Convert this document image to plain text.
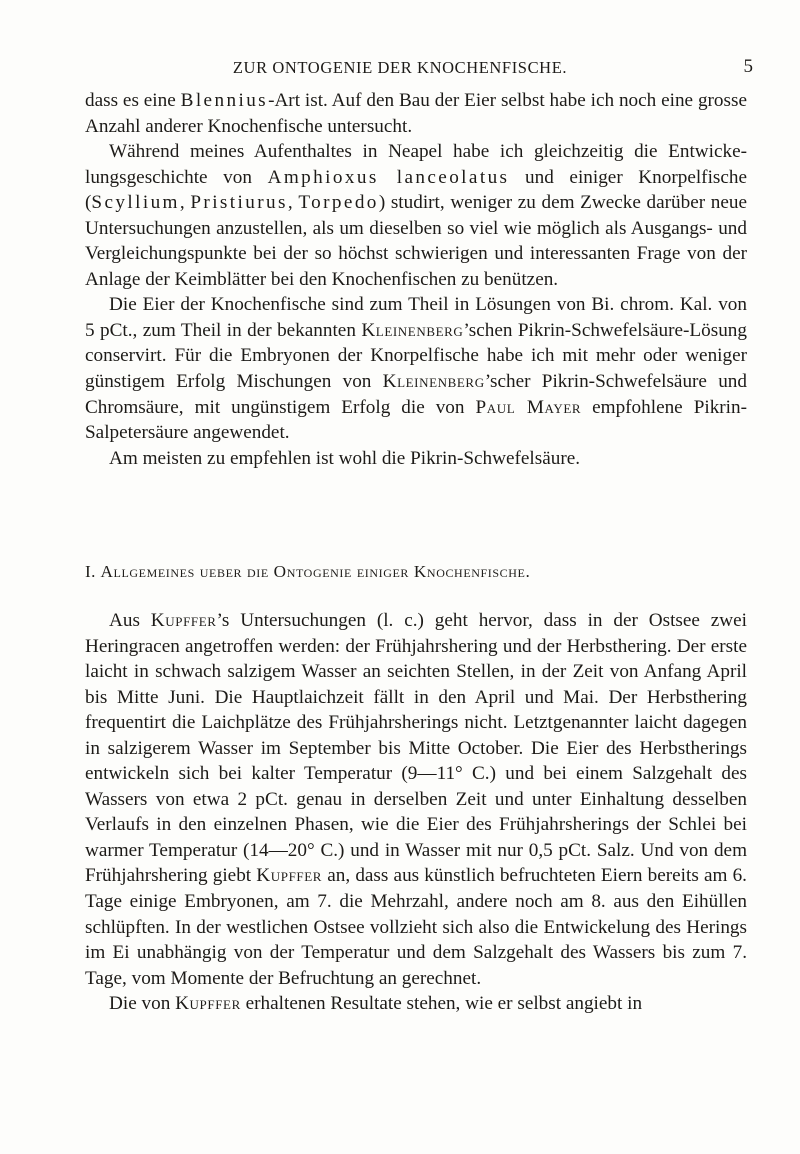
ZUR ONTOGENIE DER KNOCHENFISCHE.	5

dass es eine Blennius-Art ist. Auf den Bau der Eier selbst habe ich noch eine grosse Anzahl anderer Knochenfische untersucht.

Während meines Aufenthaltes in Neapel habe ich gleichzeitig die Entwickelungsgeschichte von Amphioxus lanceolatus und einiger Knorpelfische (Scyllium, Pristiurus, Torpedo) studirt, weniger zu dem Zwecke darüber neue Untersuchungen anzustellen, als um dieselben so viel wie möglich als Ausgangs- und Vergleichungspunkte bei der so höchst schwierigen und interessanten Frage von der Anlage der Keimblätter bei den Knochenfischen zu benützen.

Die Eier der Knochenfische sind zum Theil in Lösungen von Bi. chrom. Kal. von 5 pCt., zum Theil in der bekannten Kleinenberg’schen Pikrin-Schwefelsäure-Lösung conservirt. Für die Embryonen der Knorpelfische habe ich mit mehr oder weniger günstigem Erfolg Mischungen von Kleinenberg’scher Pikrin-Schwefelsäure und Chromsäure, mit ungünstigem Erfolg die von Paul Mayer empfohlene Pikrin-Salpetersäure angewendet.

Am meisten zu empfehlen ist wohl die Pikrin-Schwefelsäure.

I. Allgemeines ueber die Ontogenie einiger Knochenfische.

Aus Kupffer’s Untersuchungen (l. c.) geht hervor, dass in der Ostsee zwei Heringracen angetroffen werden: der Frühjahrshering und der Herbsthering. Der erste laicht in schwach salzigem Wasser an seichten Stellen, in der Zeit von Anfang April bis Mitte Juni. Die Hauptlaichzeit fällt in den April und Mai. Der Herbsthering frequentirt die Laichplätze des Frühjahrsherings nicht. Letztgenannter laicht dagegen in salzigerem Wasser im September bis Mitte October. Die Eier des Herbstherings entwickeln sich bei kalter Temperatur (9—11° C.) und bei einem Salzgehalt des Wassers von etwa 2 pCt. genau in derselben Zeit und unter Einhaltung desselben Verlaufs in den einzelnen Phasen, wie die Eier des Frühjahrsherings der Schlei bei warmer Temperatur (14—20° C.) und in Wasser mit nur 0,5 pCt. Salz. Und von dem Frühjahrshering giebt Kupffer an, dass aus künstlich befruchteten Eiern bereits am 6. Tage einige Embryonen, am 7. die Mehrzahl, andere noch am 8. aus den Eihüllen schlüpften. In der westlichen Ostsee vollzieht sich also die Entwickelung des Herings im Ei unabhängig von der Temperatur und dem Salzgehalt des Wassers bis zum 7. Tage, vom Momente der Befruchtung an gerechnet.

Die von Kupffer erhaltenen Resultate stehen, wie er selbst angiebt in
